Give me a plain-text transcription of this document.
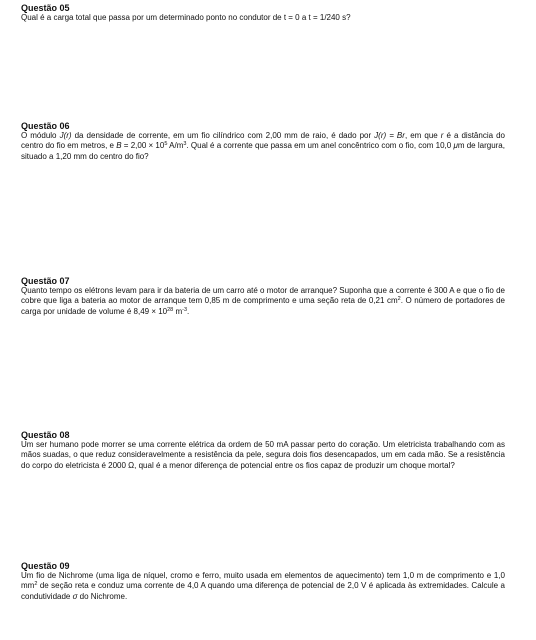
Questão 05

Qual é a carga total que passa por um determinado ponto no condutor de t = 0 a t = 1/240 s?

Questão 06

O módulo J(r) da densidade de corrente, em um fio cilíndrico com 2,00 mm de raio, é dado por J(r) = Br, em que r é a distância do centro do fio em metros, e $B = 2,00 \times 10^5$ $A/m^3$. Qual é a corrente que passa em um anel concêntrico com o fio, com 10,0 μm de largura, situado a 1,20 mm do centro do fio?

Questão 07

Quanto tempo os elétrons levam para ir da bateria de um carro até o motor de arranque? Suponha que a corrente é 300 A e que o fio de cobre que liga a bateria ao motor de arranque tem 0,85 m de comprimento e uma seção reta de 0,21 $cm^2$. O número de portadores de carga por unidade de volume é $8,49 \times 10^{28}$ $m^{-3}$.

Questão 08

Um ser humano pode morrer se uma corrente elétrica da ordem de 50 mA passar perto do coração. Um eletricista trabalhando com as mãos suadas, o que reduz consideravelmente a resistência da pele, segura dois fios desencapados, um em cada mão. Se a resistência do corpo do eletricista é 2000 Ω, qual é a menor diferença de potencial entre os fios capaz de produzir um choque mortal?

Questão 09

Um fio de Nichrome (uma liga de níquel, cromo e ferro, muito usada em elementos de aquecimento) tem 1,0 m de comprimento e 1,0 $mm^2$ de seção reta e conduz uma corrente de 4,0 A quando uma diferença de potencial de 2,0 V é aplicada às extremidades. Calcule a condutividade σ do Nichrome.
